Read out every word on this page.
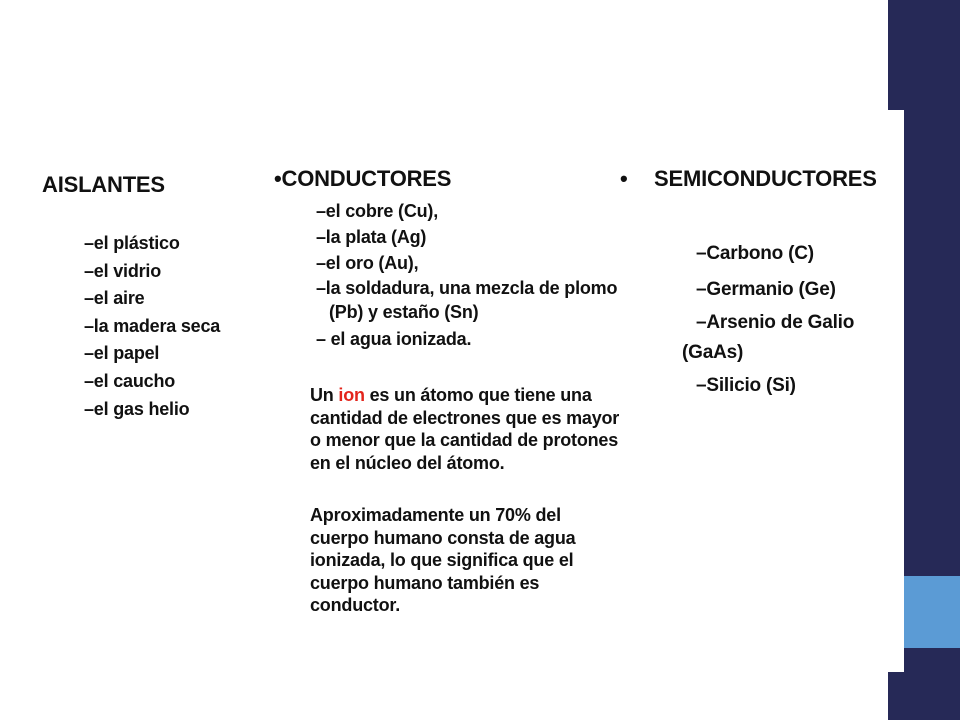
AISLANTES
–el plástico
–el vidrio
–el aire
–la madera seca
–el papel
–el caucho
–el gas helio
•CONDUCTORES
–el cobre (Cu),
–la plata (Ag)
–el oro (Au),
–la soldadura, una mezcla de plomo (Pb) y estaño (Sn)
– el agua ionizada.

Un ion es un átomo que tiene una cantidad de electrones que es mayor o menor que la cantidad de protones en el núcleo del átomo.

Aproximadamente un 70% del cuerpo humano consta de agua ionizada, lo que significa que el cuerpo humano también es conductor.

• SEMICONDUCTORES
–Carbono (C)
–Germanio (Ge)
–Arsenio de Galio
(GaAs)
–Silicio (Si)
